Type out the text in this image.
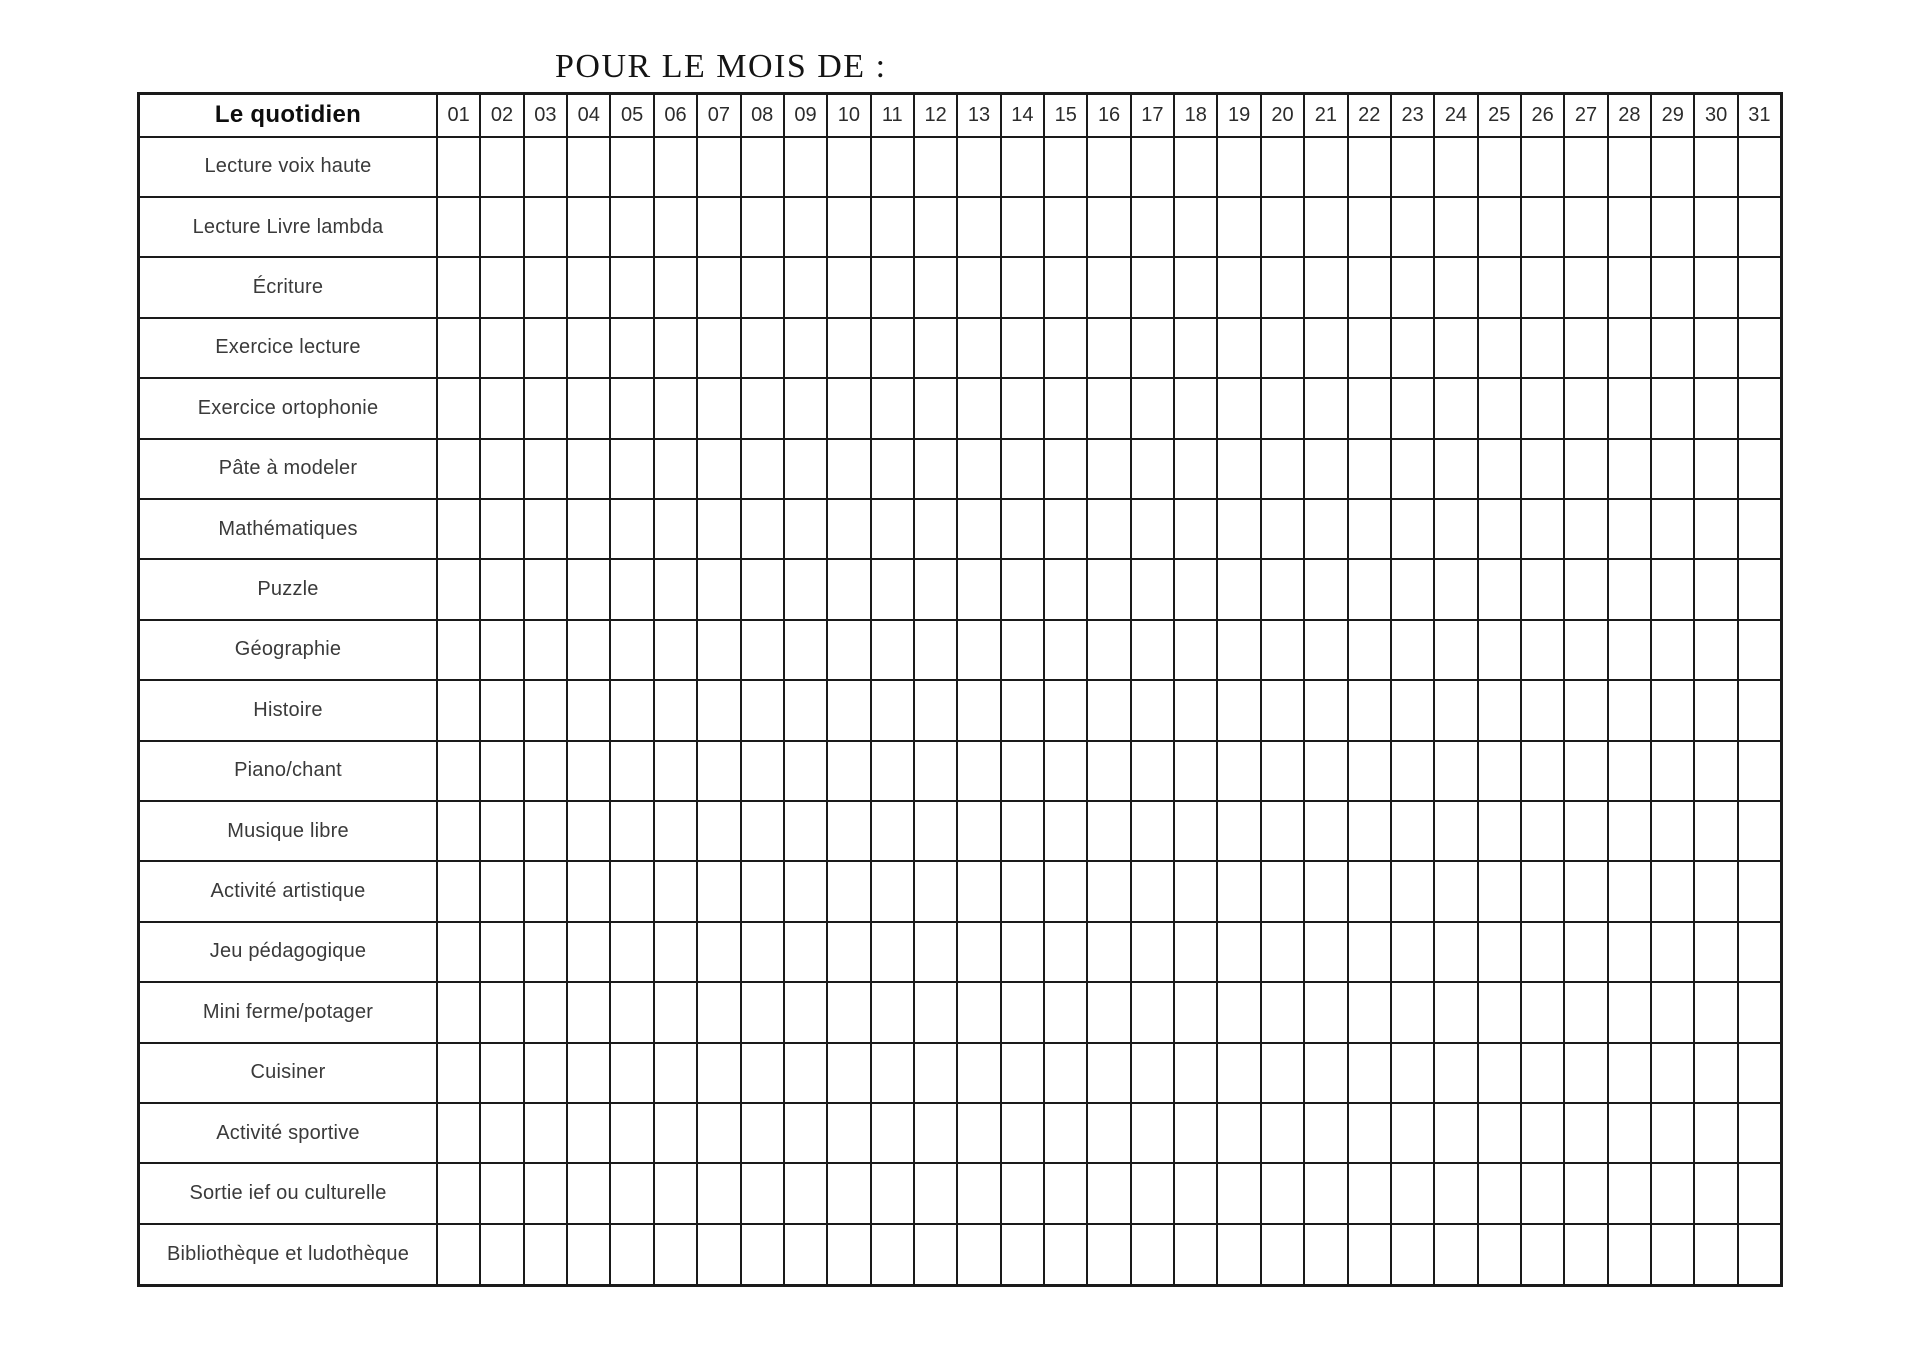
POUR LE MOIS DE :
Le quotidien	01	02	03	04	05	06	07	08	09	10	11	12	13	14	15	16	17	18	19	20	21	22	23	24	25	26	27	28	29	30	31
Lecture voix haute																															
Lecture Livre lambda																															
Écriture																															
Exercice lecture																															
Exercice ortophonie																															
Pâte à modeler																															
Mathématiques																															
Puzzle																															
Géographie																															
Histoire																															
Piano/chant																															
Musique libre																															
Activité artistique																															
Jeu pédagogique																															
Mini ferme/potager																															
Cuisiner																															
Activité sportive																															
Sortie ief ou culturelle																															
Bibliothèque et ludothèque																															
